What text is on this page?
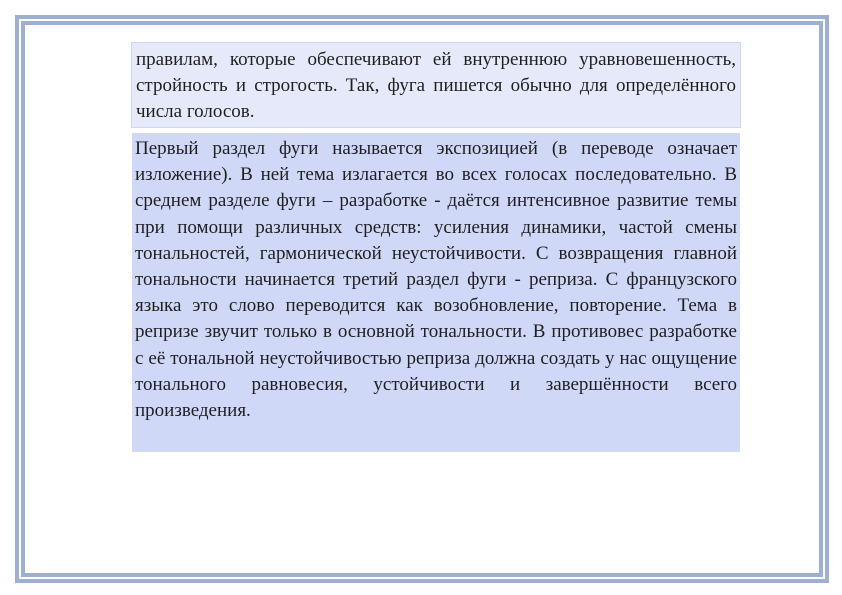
правилам, которые обеспечивают ей внутреннюю уравновешенность, стройность и строгость. Так, фуга пишется обычно для определённого числа голосов.
Первый раздел фуги называется экспозицией (в переводе означает изложение). В ней тема излагается во всех голосах последовательно. В среднем разделе фуги – разработке - даётся интенсивное развитие темы при помощи различных средств: усиления динамики, частой смены тональностей, гармонической неустойчивости. С возвращения главной тональности начинается третий раздел фуги - реприза. С французского языка это слово переводится как возобновление, повторение. Тема в репризе звучит только в основной тональности. В противовес разработке с её тональной неустойчивостью реприза должна создать у нас ощущение тонального равновесия, устойчивости и завершённости всего произведения.
